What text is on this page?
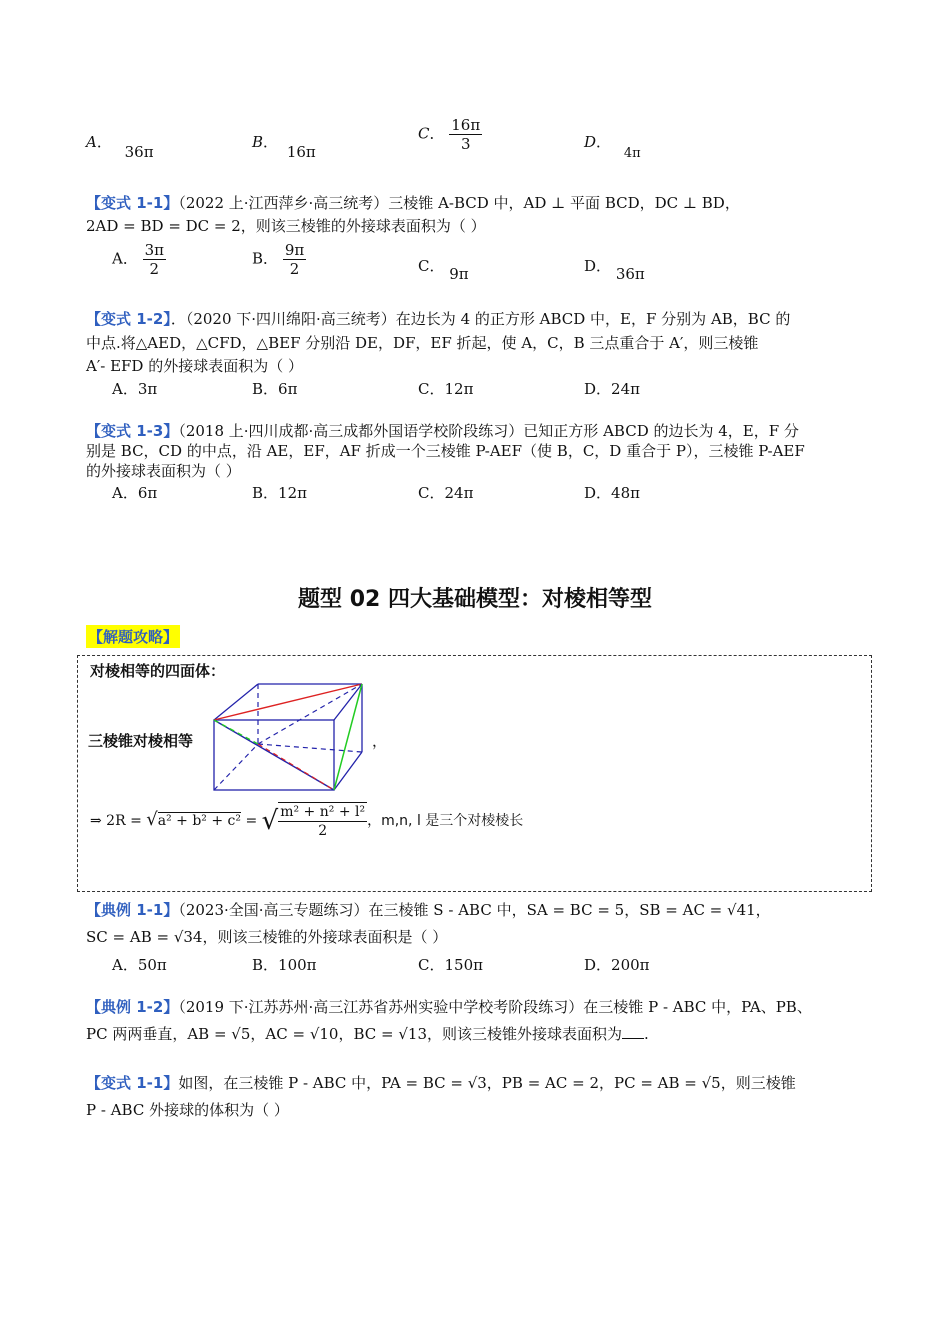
A． 36π
B． 16π
C． $\frac{16\pi}{3}$	D． 4π
【变式 1-1】（2022 上·江西萍乡·高三统考）三棱锥 A-BCD 中，AD ⊥ 平面 BCD，DC ⊥ BD，
2AD = BD = DC = 2，则该三棱锥的外接球表面积为（ ）
A． $\frac{3\pi}{2}$	B． $\frac{9\pi}{2}$	C． 9π	D． 36π
【变式 1-2】．（2020 下·四川绵阳·高三统考）在边长为 4 的正方形 ABCD 中，E，F 分别为 AB，BC 的
中点.将△AED，△CFD，△BEF 分别沿 DE，DF，EF 折起，使 A，C，B 三点重合于 A′，则三棱锥
A′- EFD 的外接球表面积为（ ）
A．3π	B．6π	C．12π	D．24π
【变式 1-3】（2018 上·四川成都·高三成都外国语学校阶段练习）已知正方形 ABCD 的边长为 4，E，F 分
别是 BC，CD 的中点，沿 AE，EF，AF 折成一个三棱锥 P-AEF（使 B，C，D 重合于 P），三棱锥 P-AEF
的外接球表面积为（ ）
A．6π	B．12π	C．24π	D．48π
题型 02 四大基础模型：对棱相等型
【解题攻略】
对棱相等的四面体：
三棱锥对棱相等	，
⇒ 2R = √a² + b² + c² = √ $\frac{\text{m² + n² + l²}}{2}$ ，m,n, l 是三个对棱棱长
【典例 1-1】（2023·全国·高三专题练习）在三棱锥 S - ABC 中，SA = BC = 5，SB = AC = √41，
SC = AB = √34，则该三棱锥的外接球表面积是（ ）
A．50π	B．100π	C．150π	D．200π
【典例 1-2】（2019 下·江苏苏州·高三江苏省苏州实验中学校考阶段练习）在三棱锥 P - ABC 中，PA、PB、
PC 两两垂直，AB = √5，AC = √10，BC = √13，则该三棱锥外接球表面积为 .
【变式 1-1】如图，在三棱锥 P - ABC 中，PA = BC = √3，PB = AC = 2，PC = AB = √5，则三棱锥
P - ABC 外接球的体积为（ ）
